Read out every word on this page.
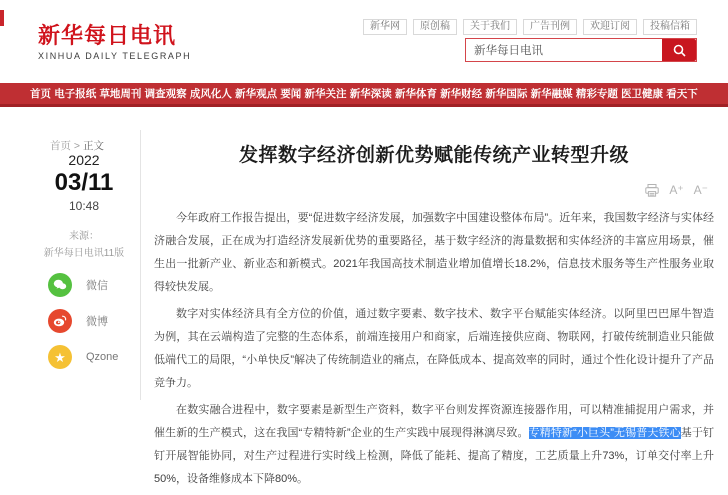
新华每日电讯
XINHUA DAILY TELEGRAPH
新华网	原创稿	关于我们	广告刊例	欢迎订阅	投稿信箱
新华每日电讯
首页 电子报纸 草地周刊 调查观察 成风化人 新华观点 要闻 新华关注 新华深读 新华体育 新华财经 新华国际 新华融媒 精彩专题 医卫健康 看天下
首页 > 正文
2022
03/11
10:48
来源：
新华每日电讯11版
微信
微博
★	Qzone
发挥数字经济创新优势赋能传统产业转型升级
A⁺ A⁻

今年政府工作报告提出，要“促进数字经济发展，加强数字中国建设整体布局”。近年来，我国数字经济与实体经济融合发展，正在成为打造经济发展新优势的重要路径，基于数字经济的海量数据和实体经济的丰富应用场景，催生出一批新产业、新业态和新模式。2021年我国高技术制造业增加值增长18.2%，信息技术服务等生产性服务业取得较快发展。

数字对实体经济具有全方位的价值，通过数字要素、数字技术、数字平台赋能实体经济。以阿里巴巴犀牛智造为例，其在云端构造了完整的生态体系，前端连接用户和商家，后端连接供应商、物联网，打破传统制造业只能做低端代工的局限，“小单快反”解决了传统制造业的痛点，在降低成本、提高效率的同时，通过个性化设计提升了产品竞争力。

在数实融合进程中，数字要素是新型生产资料，数字平台则发挥资源连接器作用，可以精准捕捉用户需求，并催生新的生产模式，这在我国“专精特新”企业的生产实践中展现得淋漓尽致。专精特新“小巨头”无锡普天铁心基于钉钉开展智能协同，对生产过程进行实时线上检测，降低了能耗、提高了精度，工艺质量上升73%，订单交付率上升50%，设备维修成本下降80%。
